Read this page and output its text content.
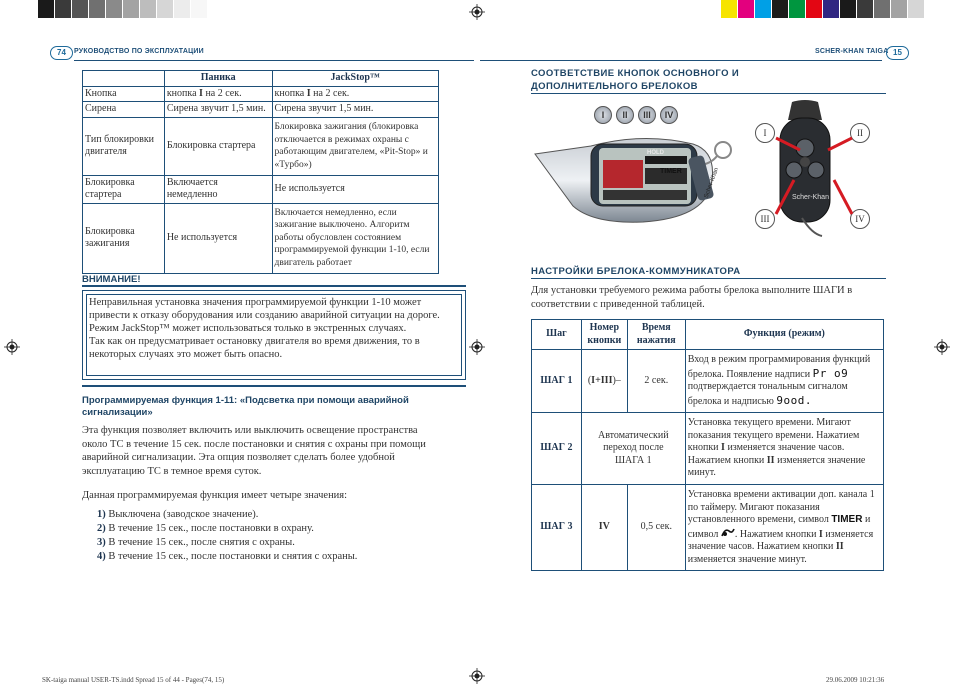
74	РУКОВОДСТВО ПО ЭКСПЛУАТАЦИИ
	Паника	JackStop™
Кнопка	кнопка I на 2 сек.	кнопка I на 2 сек.
Сирена	Сирена звучит 1,5 мин.	Сирена звучит 1,5 мин.
Тип блокировки двигателя	Блокировка стартера	Блокировка зажигания (блокировка отключается в режимах охраны с работающим двигателем, «Pit-Stop» и «Турбо»)
Блокировка стартера	Включается немедленно	Не используется
Блокировка зажигания	Не используется	Включается немедленно, если зажигание выключено. Алгоритм работы обусловлен состоянием программируемой функции 1-10, если двигатель работает
ВНИМАНИЕ!

Неправильная установка значения программируемой функции 1-10 может привести к отказу оборудования или созданию аварийной ситуации на дороге.

Режим JackStop™ может использоваться только в экстренных случаях.

Так как он предусматривает остановку двигателя во время движения, то в некоторых случаях это может быть опасно.

Программируемая функция 1-11: «Подсветка при помощи аварийной сигнализации»
Эта функция позволяет включить или выключить освещение пространства около ТС в течение 15 сек. после постановки и снятия с охраны при помощи аварийной сигнализации. Эта опция позволяет сделать более удобной эксплуатацию ТС в темное время суток.
Данная программируемая функция имеет четыре значения:
1) Выключена (заводское значение).
2) В течение 15 сек., после постановки в охрану.
3) В течение 15 сек., после снятия с охраны.
4) В течение 15 сек., после постановки и снятия с охраны.
SK-taiga manual USER-TS.indd Spread 15 of 44 - Pages(74, 15)
SCHER-KHAN TAIGA 15
СООТВЕТСТВИЕ КНОПОК ОСНОВНОГО И
ДОПОЛНИТЕЛЬНОГО БРЕЛОКОВ
I	II	III	IV
HOLD
TIMER	Scher-Khan	Scher-Khan
I	II
III	IV
НАСТРОЙКИ БРЕЛОКА-КОММУНИКАТОРА
Для установки требуемого режима работы брелока выполните ШАГИ в соответствии с приведенной таблицей.
Шаг	Номер кнопки	Время нажатия	Функция (режим)
ШАГ 1	(I+III)–	2 сек.	Вход в режим программирования функций брелока. Появление надписи Pr o9 подтверждается тональным сигналом брелока и надписью 9ood.
ШАГ 2	Автоматический переход после ШАГА 1		Установка текущего времени. Мигают показания текущего времени. Нажатием кнопки I изменяется значение часов. Нажатием кнопки II изменяется значение минут.
ШАГ 3	IV	0,5 сек.	Установка времени активации доп. канала 1 по таймеру. Мигают показания установленного времени, символ TIMER и символ . Нажатием кнопки I изменяется значение часов. Нажатием кнопки II изменяется значение минут.
29.06.2009 10:21:36
